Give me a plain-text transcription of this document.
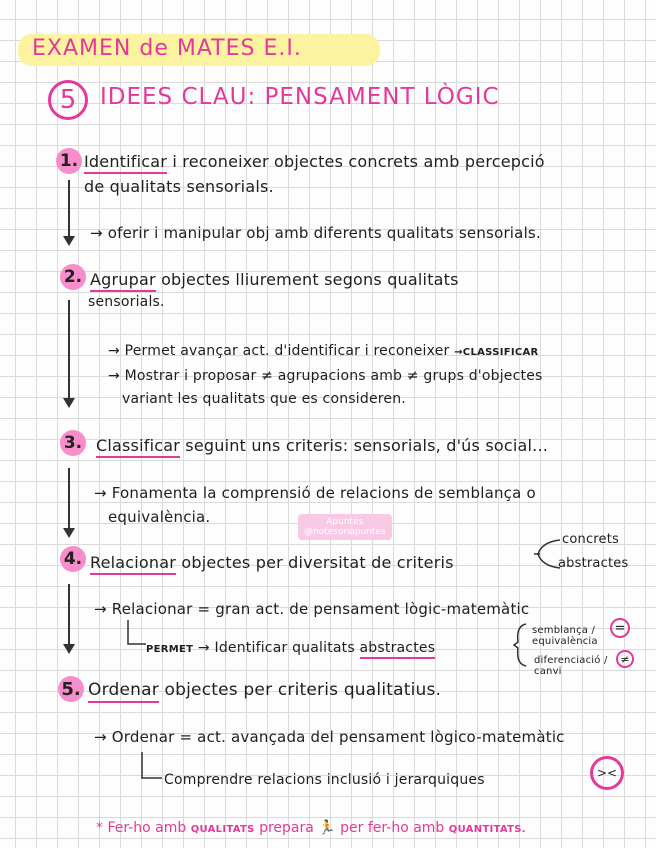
EXAMEN de MATES E.I.
5	IDEES CLAU: PENSAMENT LÒGIC
1. Identificar i reconeixer objectes concrets amb percepció
de qualitats sensorials.
→ oferir i manipular obj amb diferents qualitats sensorials.
2. Agrupar objectes lliurement segons qualitats
sensorials.
→ Permet avançar act. d'identificar i reconeixer →CLASSIFICAR
→ Mostrar i proposar ≠ agrupacions amb ≠ grups d'objectes
variant les qualitats que es consideren.
3. Classificar seguint uns criteris: sensorials, d'ús social...
→ Fonamenta la comprensió de relacions de semblança o
equivalència.	Apuntes
@notesonapuntes
4. Relacionar objectes per diversitat de criteris
concrets
abstractes
→ Relacionar = gran act. de pensament lògic-matemàtic
PERMET → Identificar qualitats abstractes
semblança / equivalència
diferenciació / canvi
=
≠
5. Ordenar objectes per criteris qualitatius.
→ Ordenar = act. avançada del pensament lògico-matemàtic
Comprendre relacions inclusió i jerarquiques	><
* Fer-ho amb QUALITATS prepara 🏃 per fer-ho amb QUANTITATS.
